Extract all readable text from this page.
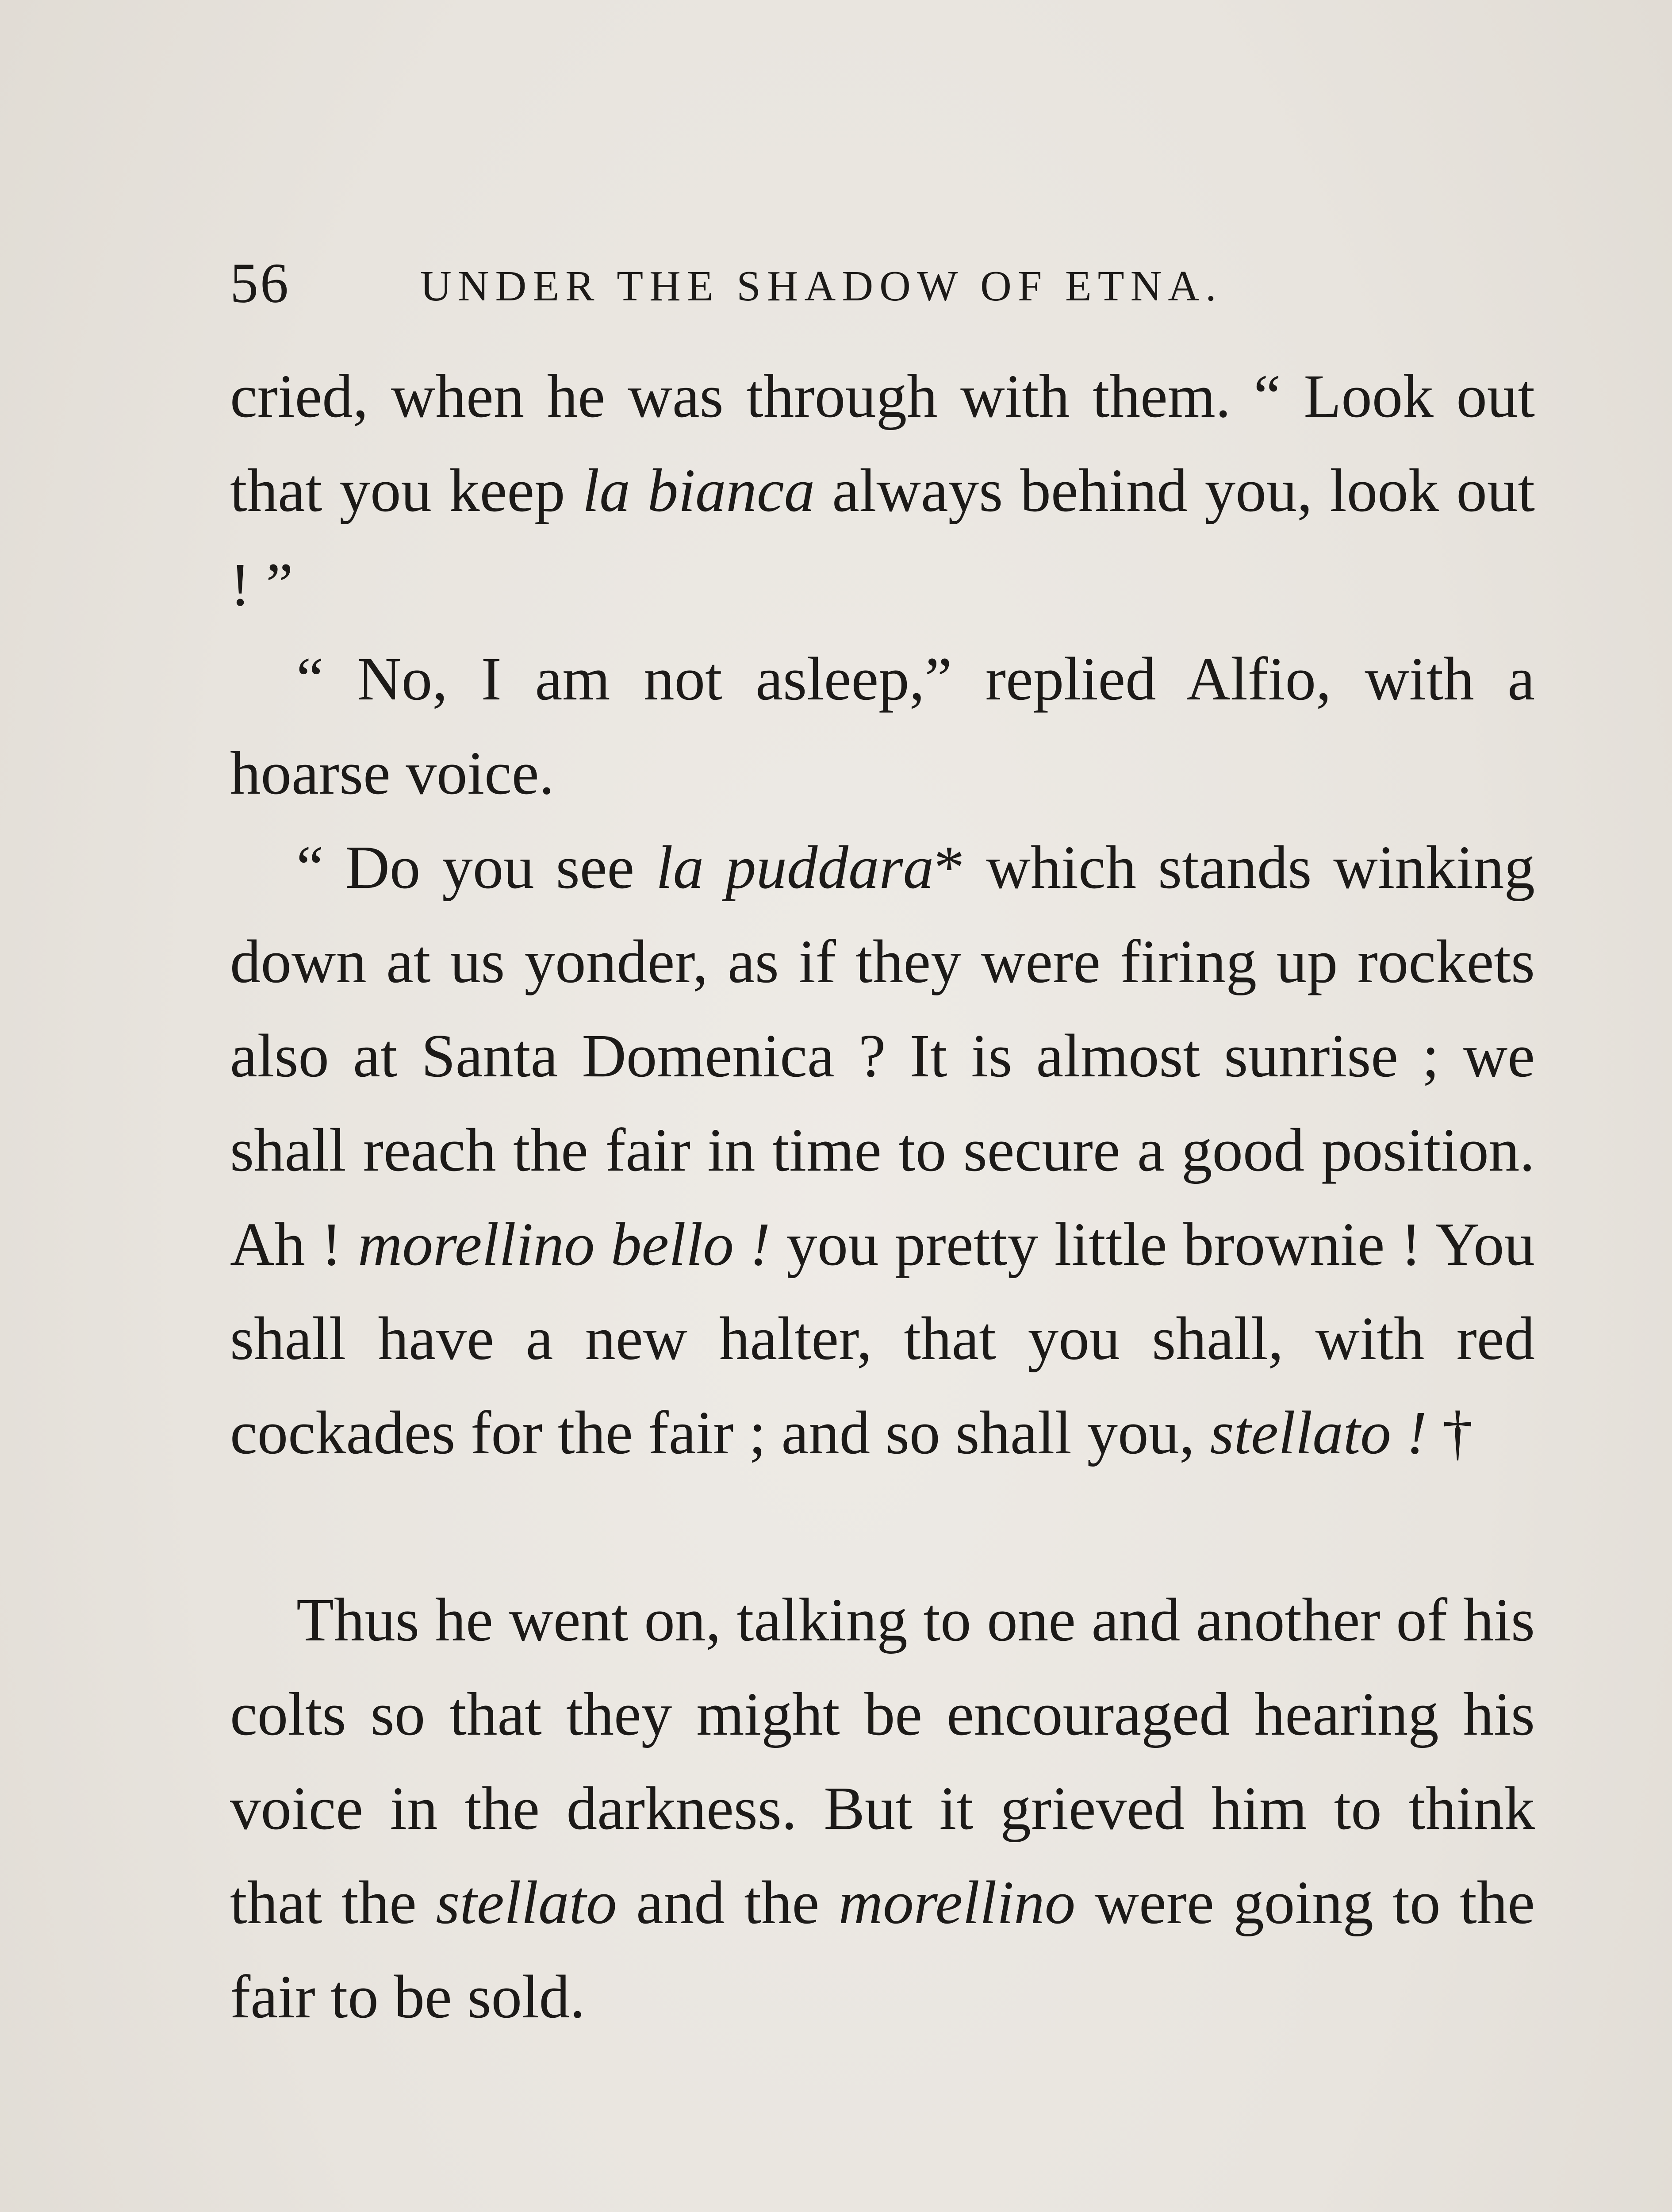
56	UNDER THE SHADOW OF ETNA.

cried, when he was through with them. “ Look out that you keep la bianca always behind you, look out ! ”

“ No, I am not asleep,” replied Alfio, with a hoarse voice.

“ Do you see la puddara* which stands winking down at us yonder, as if they were firing up rockets also at Santa Domenica ? It is almost sunrise ; we shall reach the fair in time to secure a good position. Ah ! morellino bello ! you pretty little brownie ! You shall have a new halter, that you shall, with red cockades for the fair ; and so shall you, stellato ! †

Thus he went on, talking to one and another of his colts so that they might be encouraged hearing his voice in the darkness. But it grieved him to think that the stellato and the morellino were going to the fair to be sold.
